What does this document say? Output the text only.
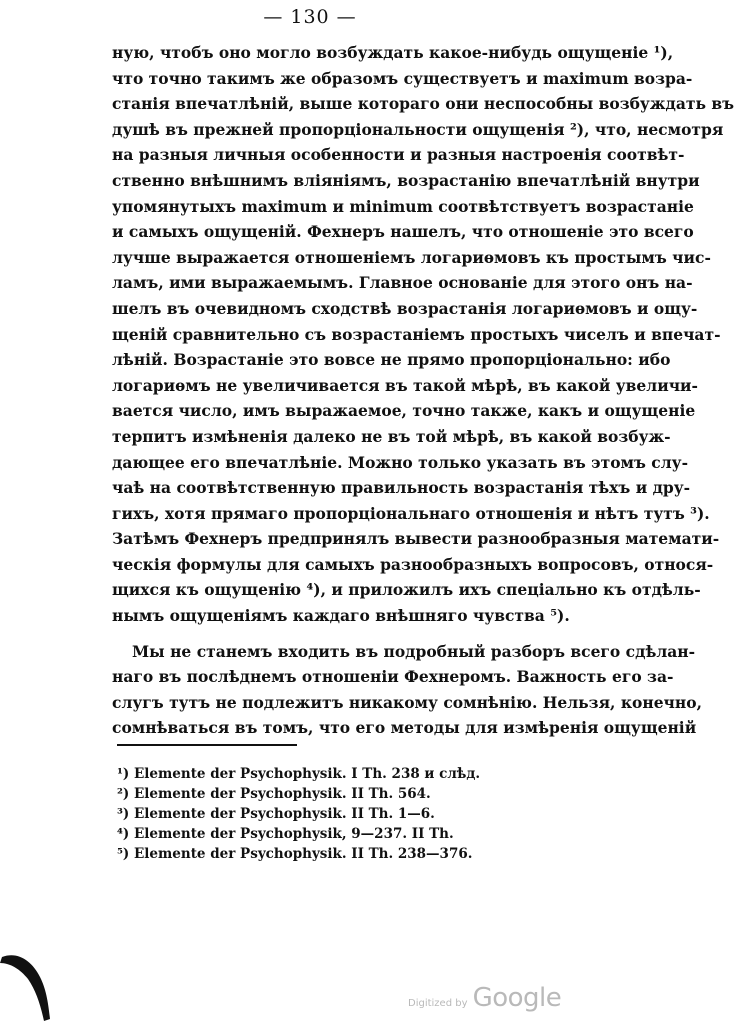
— 130 —
ную, чтобъ оно могло возбуждать какое-нибудь ощущеніе ¹),
что точно такимъ же образомъ существуетъ и maximum возра-
станія впечатлѣній, выше котораго они неспособны возбуждать въ
душѣ въ прежней пропорціональности ощущенія ²), что, несмотря
на разныя личныя особенности и разныя настроенія соотвѣт-
ственно внѣшнимъ вліяніямъ, возрастанію впечатлѣній внутри
упомянутыхъ maximum и minimum соотвѣтствуетъ возрастаніе
и самыхъ ощущеній. Фехнеръ нашелъ, что отношеніе это всего
лучше выражается отношеніемъ логариѳмовъ къ простымъ чис-
ламъ, ими выражаемымъ. Главное основаніе для этого онъ на-
шелъ въ очевидномъ сходствѣ возрастанія логариѳмовъ и ощу-
щеній сравнительно съ возрастаніемъ простыхъ чиселъ и впечат-
лѣній. Возрастаніе это вовсе не прямо пропорціонально: ибо
логариѳмъ не увеличивается въ такой мѣрѣ, въ какой увеличи-
вается число, имъ выражаемое, точно также, какъ и ощущеніе
терпитъ измѣненія далеко не въ той мѣрѣ, въ какой возбуж-
дающее его впечатлѣніе. Можно только указать въ этомъ слу-
чаѣ на соотвѣтственную правильность возрастанія тѣхъ и дру-
гихъ, хотя прямаго пропорціональнаго отношенія и нѣтъ тутъ ³).
Затѣмъ Фехнеръ предпринялъ вывести разнообразныя математи-
ческія формулы для самыхъ разнообразныхъ вопросовъ, относя-
щихся къ ощущенію ⁴), и приложилъ ихъ спеціально къ отдѣль-
нымъ ощущеніямъ каждаго внѣшняго чувства ⁵).
Мы не станемъ входить въ подробный разборъ всего сдѣлан-
наго въ послѣднемъ отношеніи Фехнеромъ. Важность его за-
слугъ тутъ не подлежитъ никакому сомнѣнію. Нельзя, конечно,
сомнѣваться въ томъ, что его методы для измѣренія ощущеній
¹) Elemente der Psychophysik. I Th. 238 и слѣд.
²) Elemente der Psychophysik. II Th. 564.
³) Elemente der Psychophysik. II Th. 1—6.
⁴) Elemente der Psychophysik, 9—237. II Th.
⁵) Elemente der Psychophysik. II Th. 238—376.
Digitized by Google
